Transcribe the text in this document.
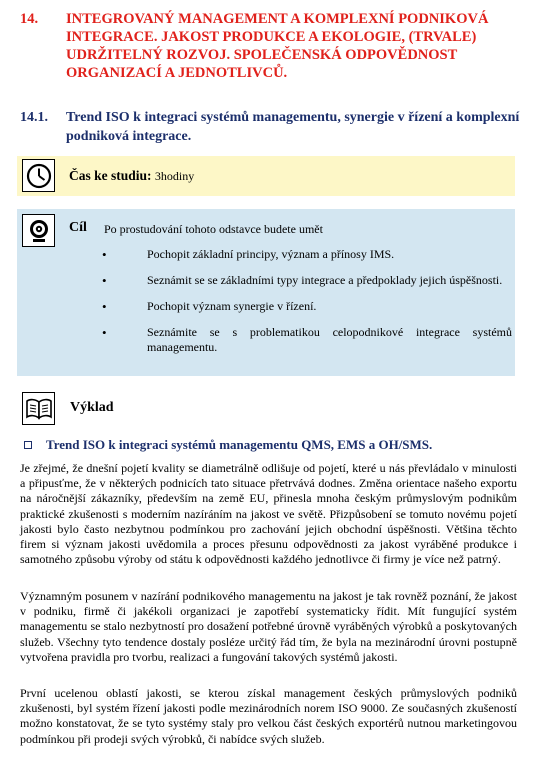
14.	INTEGROVANÝ MANAGEMENT A KOMPLEXNÍ PODNIKOVÁ INTEGRACE. JAKOST PRODUKCE A EKOLOGIE, (TRVALE) UDRŽITELNÝ ROZVOJ. SPOLEČENSKÁ ODPOVĚDNOST ORGANIZACÍ A JEDNOTLIVCŮ.
14.1.	Trend ISO k integraci systémů managementu, synergie v řízení a komplexní podniková integrace.
Čas ke studiu: 3hodiny
Cíl Po prostudování tohoto odstavce budete umět
•	Pochopit základní principy, význam a přínosy IMS.
•	Seznámit se se základními typy integrace a předpoklady jejich úspěšnosti.
•	Pochopit význam synergie v řízení.
•	Seznámite se s problematikou celopodnikové integrace systémů managementu.
Výklad
Trend ISO k integraci systémů managementu QMS, EMS a OH/SMS.

Je zřejmé, že dnešní pojetí kvality se diametrálně odlišuje od pojetí, které u nás převládalo v minulosti a připusťme, že v některých podnicích tato situace přetrvává dodnes. Změna orientace našeho exportu na náročnější zákazníky, především na země EU, přinesla mnoha českým průmyslovým podnikům praktické zkušenosti s moderním nazíráním na jakost ve světě. Přizpůsobení se tomuto novému pojetí jakosti bylo často nezbytnou podmínkou pro zachování jejich obchodní úspěšnosti. Většina těchto firem si význam jakosti uvědomila a proces přesunu odpovědnosti za jakost vyráběné produkce i samotného způsobu výroby od státu k odpovědnosti každého jednotlivce či firmy je více než patrný.

Významným posunem v nazírání podnikového managementu na jakost je tak rovněž poznání, že jakost v podniku, firmě či jakékoli organizaci je zapotřebí systematicky řídit. Mít fungující systém managementu se stalo nezbytností pro dosažení potřebné úrovně vyráběných výrobků a poskytovaných služeb. Všechny tyto tendence dostaly posléze určitý řád tím, že byla na mezinárodní úrovni postupně vytvořena pravidla pro tvorbu, realizaci a fungování takových systémů jakosti.

První ucelenou oblastí jakosti, se kterou získal management českých průmyslových podniků zkušenosti, byl systém řízení jakosti podle mezinárodních norem ISO 9000. Ze současných zkušeností možno konstatovat, že se tyto systémy staly pro velkou část českých exportérů nutnou marketingovou podmínkou při prodeji svých výrobků, či nabídce svých služeb.
